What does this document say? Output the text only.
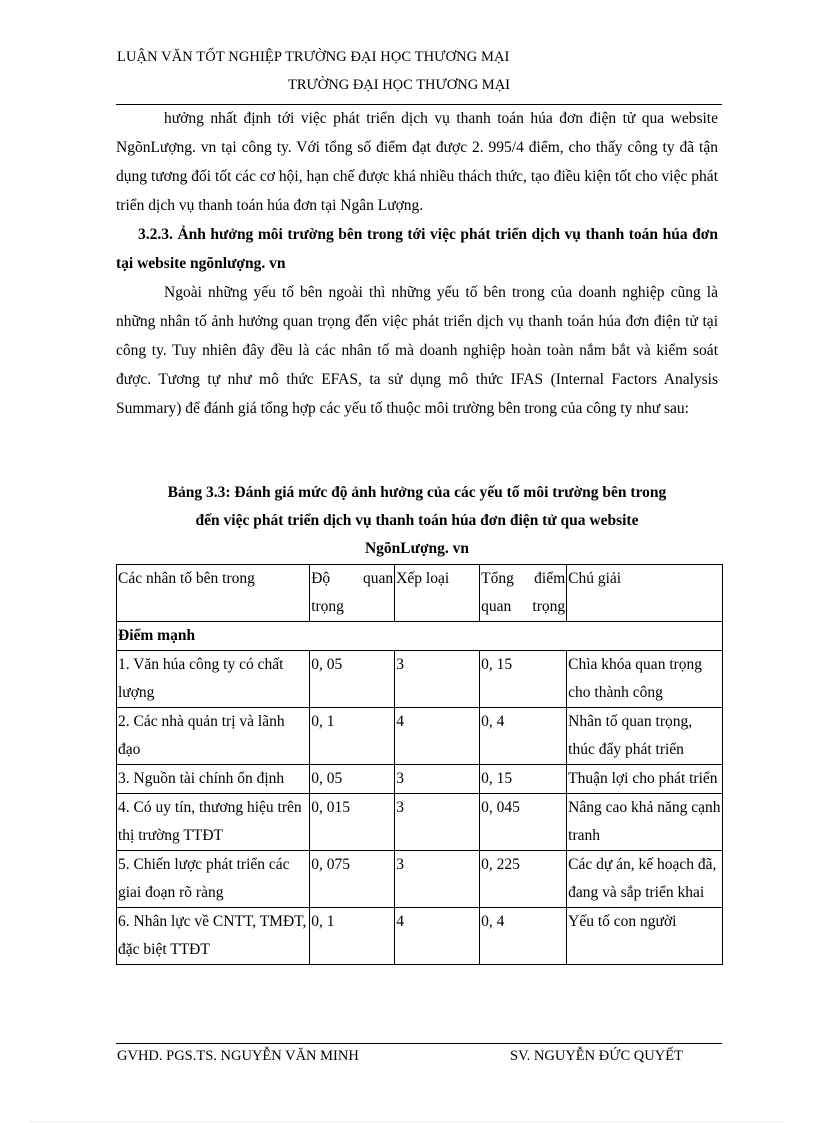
LUẬN VĂN TỐT NGHIỆP TRƯỜNG ĐẠI HỌC THƯƠNG MẠI
TRƯỜNG ĐẠI HỌC THƯƠNG MẠI

hưởng nhất định tới việc phát triển dịch vụ thanh toán húa đơn điện tử qua website NgõnLượng. vn tại công ty. Với tổng số điểm đạt được 2. 995/4 điểm, cho thấy công ty đã tận dụng tương đối tốt các cơ hội, hạn chế được khá nhiều thách thức, tạo điều kiện tốt cho việc phát triển dịch vụ thanh toán húa đơn tại Ngân Lượng.

3.2.3. Ảnh hưởng môi trường bên trong tới việc phát triển dịch vụ thanh toán húa đơn tại website ngõnlượng. vn

Ngoài những yếu tố bên ngoài thì những yếu tố bên trong của doanh nghiệp cũng là những nhân tố ảnh hưởng quan trọng đến việc phát triển dịch vụ thanh toán húa đơn điện tử tại công ty. Tuy nhiên đây đều là các nhân tố mà doanh nghiệp hoàn toàn nắm bắt và kiểm soát được. Tương tự như mô thức EFAS, ta sử dụng mô thức IFAS (Internal Factors Analysis Summary) để đánh giá tổng hợp các yếu tố thuộc môi trường bên trong của công ty như sau:

Bảng 3.3: Đánh giá mức độ ảnh hưởng của các yếu tố môi trường bên trong
đến việc phát triển dịch vụ thanh toán húa đơn điện tử qua website
NgõnLượng. vn
Các nhân tố bên trong	Độ quan trọng	Xếp loại	Tổng điểm quan trọng	Chú giải
Điểm mạnh				
1. Văn húa công ty có chất lượng	0, 05	3	0, 15	Chìa khóa quan trọng cho thành công
2. Các nhà quản trị và lãnh đạo	0, 1	4	0, 4	Nhân tố quan trọng, thúc đẩy phát triển
3. Nguồn tài chính ổn định	0, 05	3	0, 15	Thuận lợi cho phát triển
4. Có uy tín, thương hiệu trên thị trường TTĐT	0, 015	3	0, 045	Nâng cao khả năng cạnh tranh
5. Chiến lược phát triển các giai đoạn rõ ràng	0, 075	3	0, 225	Các dự án, kế hoạch đã, đang và sắp triển khai
6. Nhân lực về CNTT, TMĐT, đặc biệt TTĐT	0, 1	4	0, 4	Yếu tố con người
GVHD. PGS.TS. NGUYỄN VĂN MINH	SV. NGUYỄN ĐỨC QUYẾT
